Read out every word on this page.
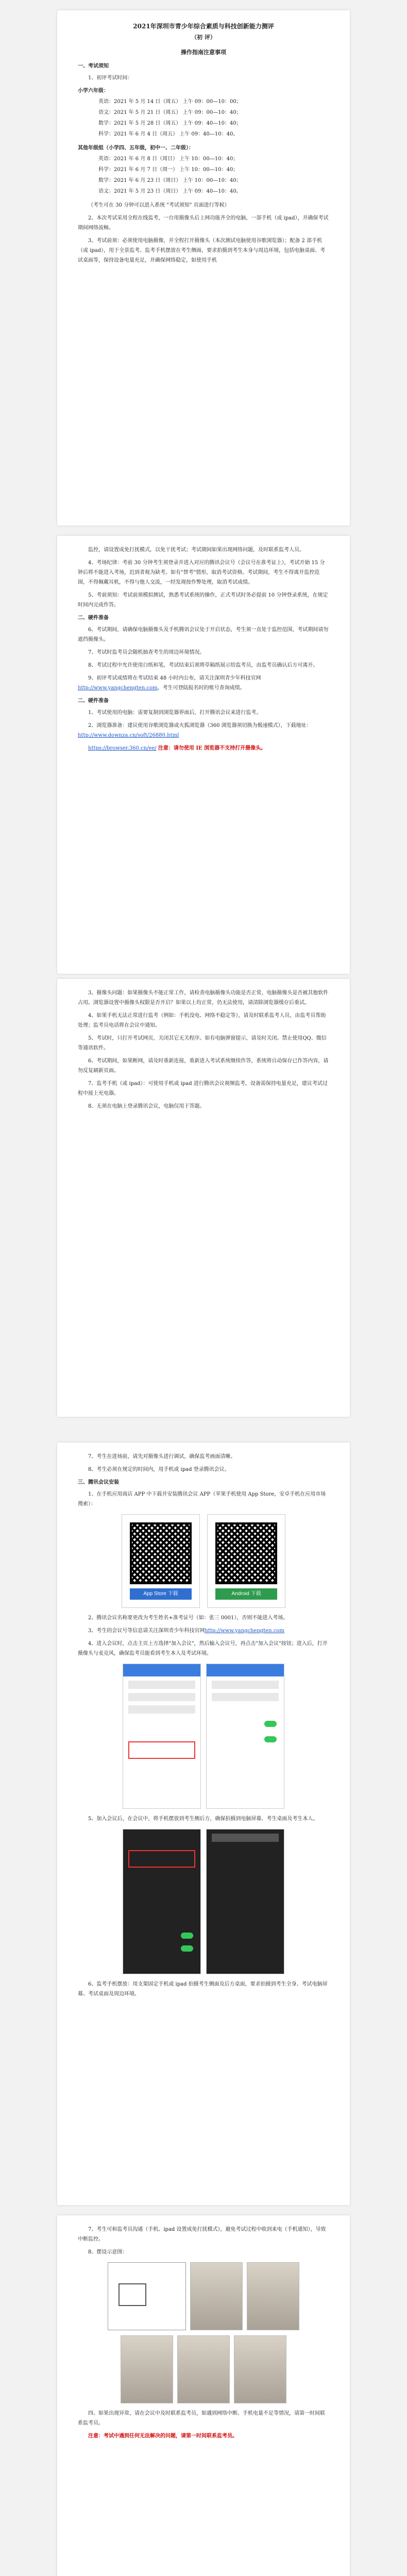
2021年深圳市青少年综合素质与科技创新能力测评
（初 评）
操作指南注意事项
一、考试须知

1、初评考试时间：

小学六年级：
英语：2021 年 5 月 14 日（周五） 上午 09：00—10：00；
语文：2021 年 5 月 21 日（周五） 上午 09：00—10：40；
数学：2021 年 5 月 28 日（周五） 上午 09：40—10：40；
科学：2021 年 6 月 4 日（周五） 上午 09：40—10：40。
其他年级组（小学四、五年级，初中一、二年级）：
英语：2021 年 6 月 8 日（周日） 上午 10：00—10：40；
科学：2021 年 6 月 7 日（周一） 上午 10：00—10：40；
数学：2021 年 6 月 23 日（周日） 上午 10：00—10：40；
语文：2021 年 5 月 23 日（周日） 上午 09：40—10：40。

（考生可在 30 分钟可以进入系统 "考试须知" 页面进行等候）

2、本次考试采用全程在线监考，一台用摄像头后上网功能齐全的电脑，一部手机（或 ipad），并确保考试期间网络流畅。

3、考试前须：必须使用电脑摄像，并全程打开摄像头（本次测试电脑使用谷歌浏览器）；配备 2 部手机（或 ipad），用于全景监考。监考手机摆放在考生侧面，要求拍摄到考生本身与周边环境，包括电脑桌面、考试桌面等，保持设备电量充足，并确保网络稳定，如使用手机

监控，请设置成免打扰模式，以免干扰考试；考试期间如果出现网络问题，及时联系监考人员。

4、考场纪律：考前 30 分钟考生须登录并进入对应的腾讯会议号（会议号在准考证上），考试开始 15 分钟后将不能进入考场，迟到者视为缺考。如有"替考"情形，取消考试资格。考试期间，考生不得离开监控范围，不得佩戴耳机，不得与他人交流，一经发现按作弊处理，取消考试成绩。

5、考前须知：考试前须模拟测试，熟悉考试系统的操作，正式考试时务必提前 10 分钟登录系统，在规定时间内完成作答。

二、硬件准备

6、考试期间，请确保电脑摄像头及手机腾讯会议处于开启状态，考生须一直处于监控范围，考试期间请勿遮挡摄像头。

7、考试时监考员会随机抽查考生的周边环境情况。

8、考试过程中允许使用白纸和笔，考试结束后须将草稿纸展示给监考员，由监考员确认后方可离开。

9、初评考试成绩将在考试结束 48 小时内公布，请关注深圳青少年科技官网http://www.yangchengten.com，考生可登陆报名时的账号查询成绩。

二、硬件准备

1、考试使用的电脑：需要复制到浏览器界面后，打开腾讯会议来进行监考。

2、浏览器准备：建议使用谷歌浏览器或火狐浏览器（360 浏览器须切换为极速模式），下载地址：http://www.downza.cn/soft/26880.html

https://browser.360.cn/ee/ 注意：请勿使用 IE 浏览器不支持打开摄像头。

3、摄像头问题：如果摄像头不能正常工作，请检查电脑摄像头功能是否正常，电脑摄像头是否被其他软件占用。浏览器设置中摄像头权限是否开启？如果以上均正常，仍无法使用，请清除浏览器缓存后重试。

4、如果手机无法正常进行监考（例如：手机没电、网络不稳定等），请及时联系监考人员，由监考员帮助处理；监考员电话将在会议中通知。

5、考试时，只打开考试网页，关闭其它无关程序。如有电脑弹窗提示，请及时关闭。禁止使用QQ、微信等通讯软件。

6、考试期间，如果断网，请及时重新连接，重新进入考试系统继续作答，系统将自动保存已作答内容，请勿反复刷新页面。

7、监考手机（或 ipad）：可使用手机或 ipad 进行腾讯会议视频监考，设备需保持电量充足，建议考试过程中接上充电器。

8、无须在电脑上登录腾讯会议，电脑仅用于答题。

7、考生在进场前，请先对摄像头进行调试，确保监考画面清晰。

8、考生必须在规定的时间内，用手机或 ipad 登录腾讯会议。

三、腾讯会议安装

1、在手机应用商店 APP 中下载并安装腾讯会议 APP（苹果手机使用 App Store，安卓手机在应用市场搜索）：

App Store 下载	Android 下载

2、腾讯会议名称要更改为考生姓名+准考证号（如：张三 0001），否则不能进入考场。

3、考生的会议号等信息请关注深圳青少年科技官网http://www.yangchengten.com

4、进入会议时，点击主页上方选择"加入会议"，然后输入会议号，再点击"加入会议"按钮；进入后，打开摄像头与麦克风，确保监考员能看到考生本人及考试环境。

5、加入会议后，在会议中，将手机摆放到考生侧后方，确保拍摄到电脑屏幕、考生桌面及考生本人。

6、监考手机摆放：用支架固定手机或 ipad 拍摄考生侧面及后方桌面，要求拍摄到考生全身、考试电脑屏幕、考试桌面及周边环境。

7、考生可和监考员沟通（手机、ipad 设置成免打扰模式），避免考试过程中收到来电（手机通知），导致中断监控。

8、摆设示意图：

四、如果出现异常，请在会议中及时联系监考员，如遇到网络中断、手机电量不足等情况，请第一时间联系监考员。

注意：考试中遇到任何无法解决的问题，请第一时间联系监考员。
